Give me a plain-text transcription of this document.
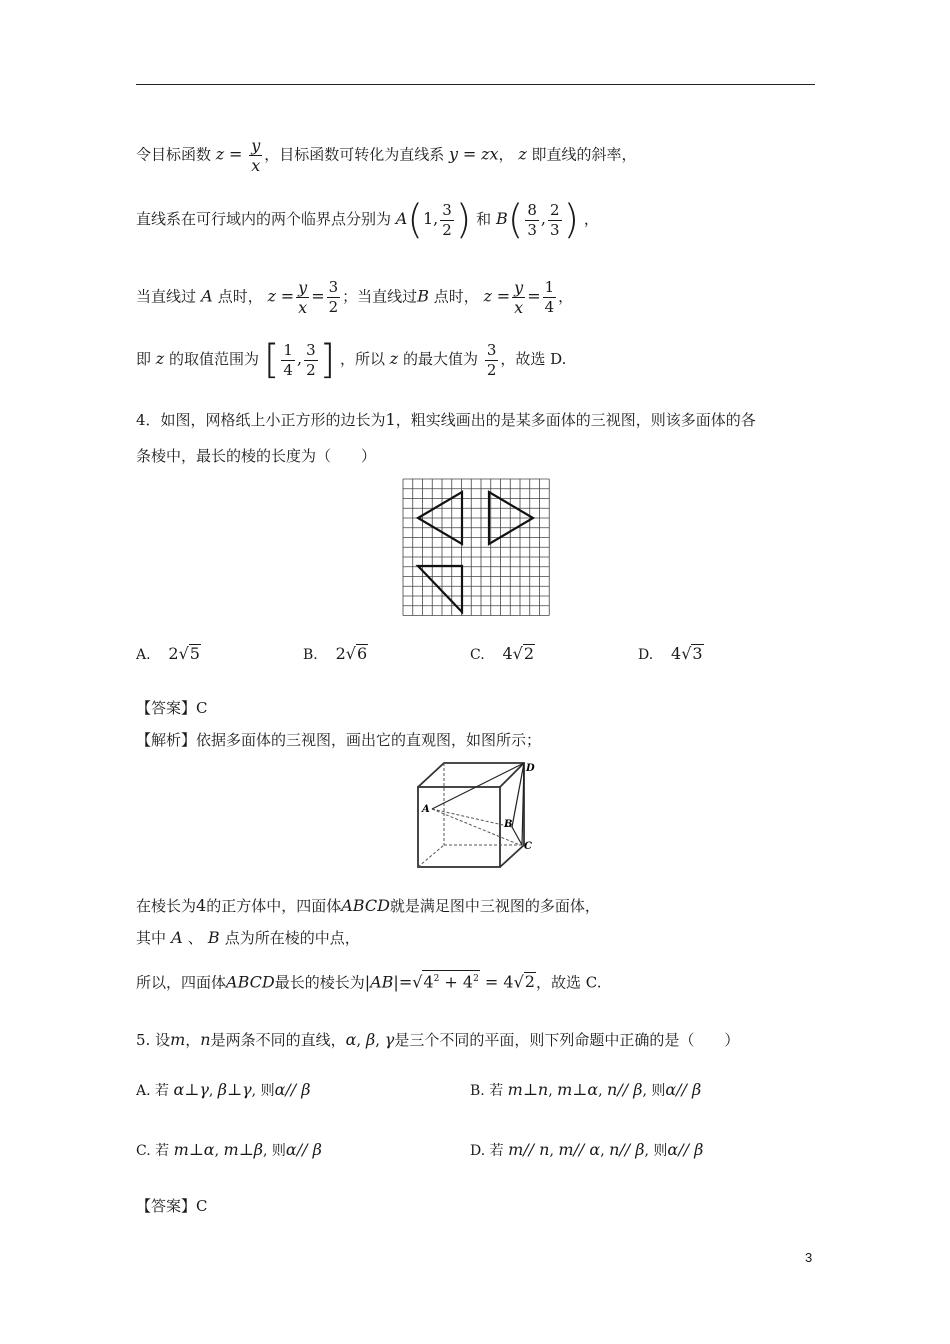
令目标函数 $z = \frac{y}{x}$ ，目标函数可转化为直线系 y = zx， z 即直线的斜率，
直线系在可行域内的两个临界点分别为 A(1, $\frac{3}{2}$ ) 和 $B( \frac{8}{3}$ , $\frac{2}{3}$ ) ，
当直线过 A 点时， $z = \frac{y}{x} = \frac{3}{2}$ ；当直线过B 点时， $z = \frac{y}{x} = \frac{1}{4}$ ，
即 z 的取值范围为 [ $\frac{1}{4}$ , $\frac{3}{2}$ ] ，所以 z 的最大值为 $\frac{3}{2}$ ，故选 D.
4．如图，网格纸上小正方形的边长为1，粗实线画出的是某多面体的三视图，则该多面体的各
条棱中，最长的棱的长度为（　　）
A. 2√5	B. 2√6	C. 4√2	D. 4√3
【答案】C
【解析】依据多面体的三视图，画出它的直观图，如图所示；
D
A
B
C
在棱长为4的正方体中，四面体ABCD就是满足图中三视图的多面体，
其中 A 、 B 点为所在棱的中点，
所以，四面体ABCD最长的棱长为$|AB|=√4^2 + 4^2 = 4√2$，故选 C.
5. 设m，n是两条不同的直线，α, β, γ是三个不同的平面，则下列命题中正确的是（　　）
A. 若 α⊥γ, β⊥γ, 则α// β	B. 若 m⊥n, m⊥α, n// β, 则α// β
C. 若 m⊥α, m⊥β, 则α// β	D. 若 m// n, m// α, n// β, 则α// β
【答案】C
3
